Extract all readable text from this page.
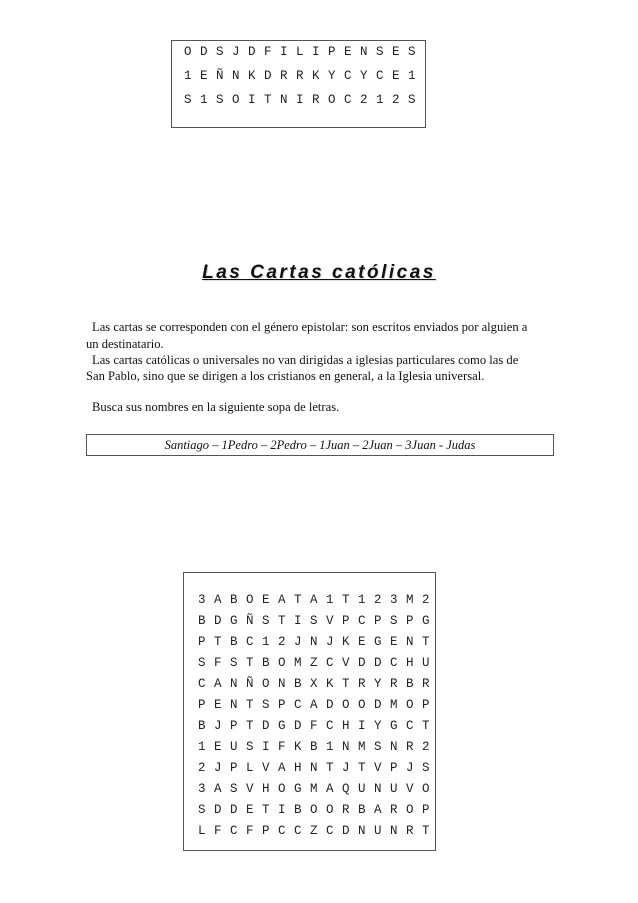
O D S J D F I L I P E N S E S
1 E Ñ N K D R R K Y C Y C E 1
S 1 S O I T N I R O C 2 1 2 S
Las Cartas católicas
Las cartas se corresponden con el género epistolar: son escritos enviados por alguien a
un destinatario.
Las cartas católicas o universales no van dirigidas a iglesias particulares como las de
San Pablo, sino que se dirigen a los cristianos en general, a la Iglesia universal.
Busca sus nombres en la siguiente sopa de letras.
Santiago – 1Pedro – 2Pedro – 1Juan – 2Juan – 3Juan - Judas
3 A B O E A T A 1 T 1 2 3 M 2
B D G Ñ S T I S V P C P S P G
P T B C 1 2 J N J K E G E N T
S F S T B O M Z C V D D C H U
C A N Ñ O N B X K T R Y R B R
P E N T S P C A D O O D M O P
B J P T D G D F C H I Y G C T
1 E U S I F K B 1 N M S N R 2
2 J P L V A H N T J T V P J S
3 A S V H O G M A Q U N U V O
S D D E T I B O O R B A R O P
L F C F P C C Z C D N U N R T
